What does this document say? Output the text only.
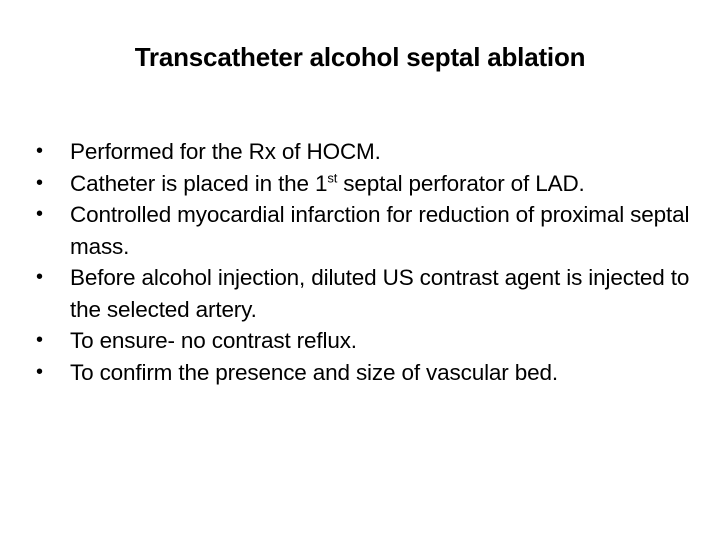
Transcatheter alcohol septal ablation
•	Performed for the Rx of HOCM.
•	Catheter is placed in the 1st septal perforator of LAD.
•	Controlled myocardial infarction for reduction of proximal septal mass.
•	Before alcohol injection, diluted US contrast agent is injected to the selected artery.
•	To ensure- no contrast reflux.
•	To confirm the presence and size of vascular bed.
